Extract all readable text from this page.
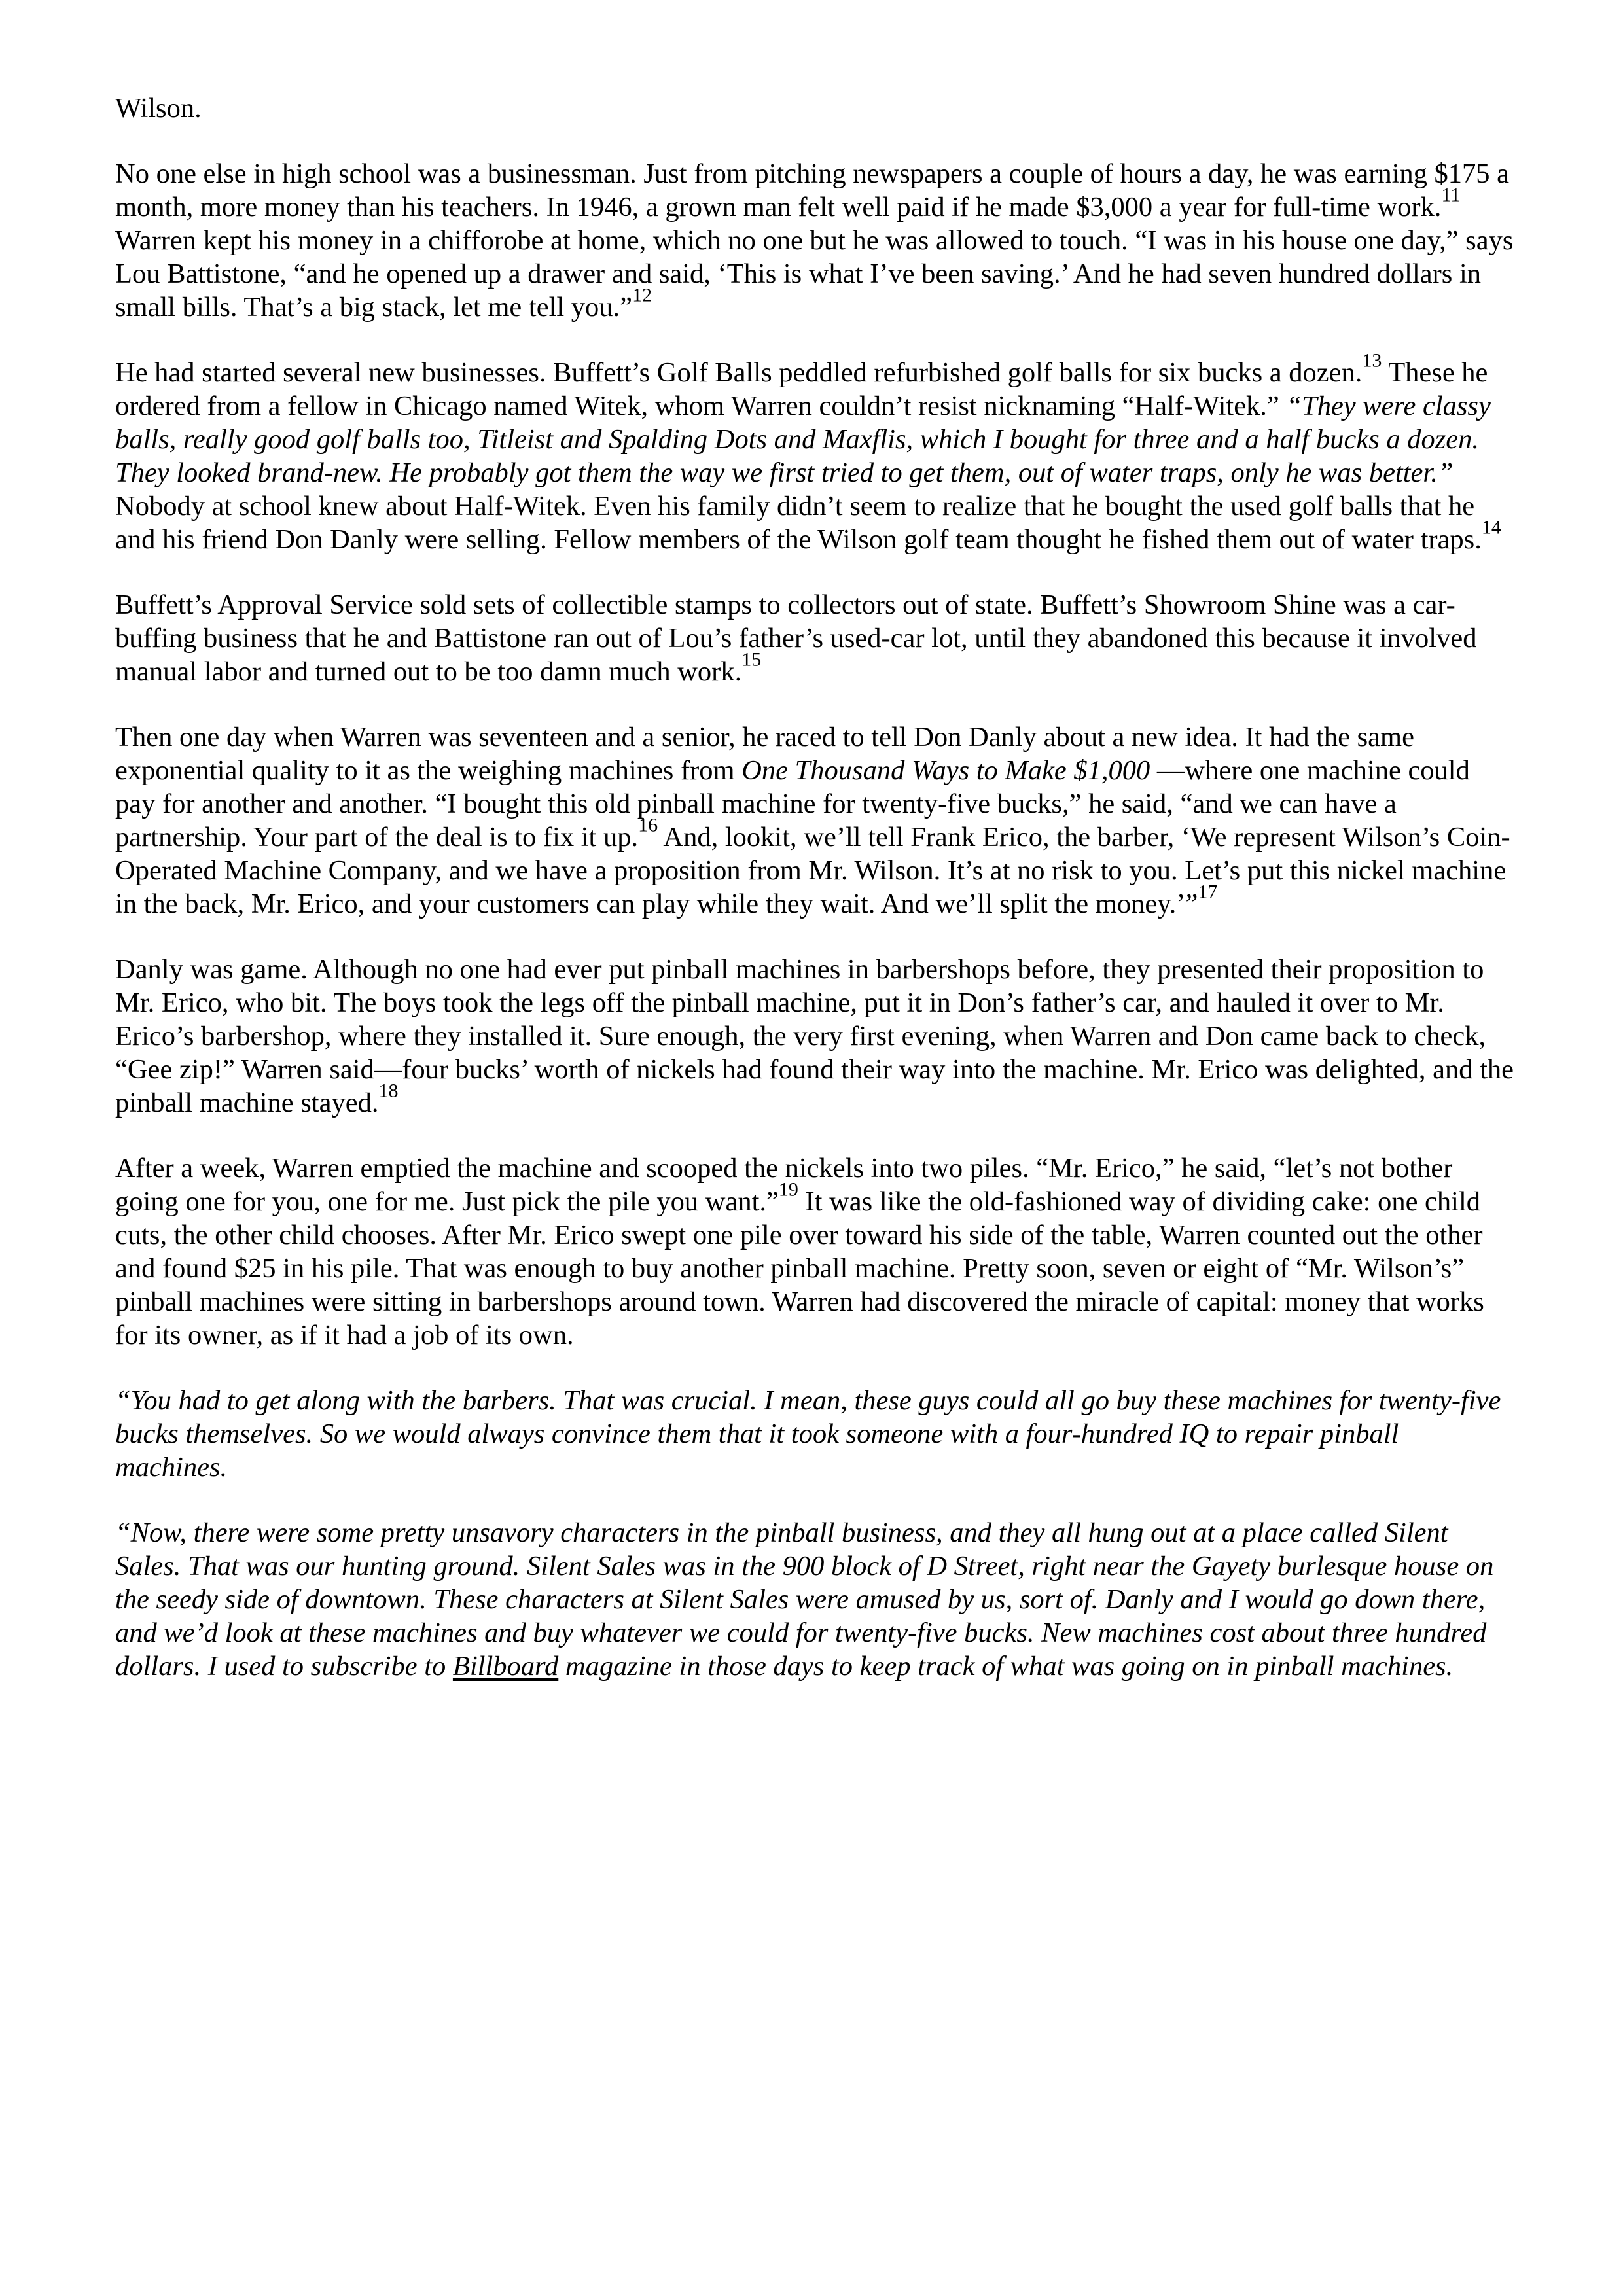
Wilson.

No one else in high school was a businessman. Just from pitching newspapers a couple of hours a day, he was earning $175 a month, more money than his teachers. In 1946, a grown man felt well paid if he made $3,000 a year for full-time work.$^{11}$ Warren kept his money in a chifforobe at home, which no one but he was allowed to touch. “I was in his house one day,” says Lou Battistone, “and he opened up a drawer and said, ‘This is what I’ve been saving.’ And he had seven hundred dollars in small bills. That’s a big stack, let me tell you.”$^{12}$

He had started several new businesses. Buffett’s Golf Balls peddled refurbished golf balls for six bucks a dozen.$^{13}$ These he ordered from a fellow in Chicago named Witek, whom Warren couldn’t resist nicknaming “Half-Witek.” “They were classy balls, really good golf balls too, Titleist and Spalding Dots and Maxflis, which I bought for three and a half bucks a dozen. They looked brand-new. He probably got them the way we first tried to get them, out of water traps, only he was better.” Nobody at school knew about Half-Witek. Even his family didn’t seem to realize that he bought the used golf balls that he and his friend Don Danly were selling. Fellow members of the Wilson golf team thought he fished them out of water traps.$^{14}$

Buffett’s Approval Service sold sets of collectible stamps to collectors out of state. Buffett’s Showroom Shine was a car-buffing business that he and Battistone ran out of Lou’s father’s used-car lot, until they abandoned this because it involved manual labor and turned out to be too damn much work.$^{15}$

Then one day when Warren was seventeen and a senior, he raced to tell Don Danly about a new idea. It had the same exponential quality to it as the weighing machines from One Thousand Ways to Make $1,000 —where one machine could pay for another and another. “I bought this old pinball machine for twenty-five bucks,” he said, “and we can have a partnership. Your part of the deal is to fix it up.$^{16}$ And, lookit, we’ll tell Frank Erico, the barber, ‘We represent Wilson’s Coin-Operated Machine Company, and we have a proposition from Mr. Wilson. It’s at no risk to you. Let’s put this nickel machine in the back, Mr. Erico, and your customers can play while they wait. And we’ll split the money.’”$^{17}$

Danly was game. Although no one had ever put pinball machines in barbershops before, they presented their proposition to Mr. Erico, who bit. The boys took the legs off the pinball machine, put it in Don’s father’s car, and hauled it over to Mr. Erico’s barbershop, where they installed it. Sure enough, the very first evening, when Warren and Don came back to check, “Gee zip!” Warren said—four bucks’ worth of nickels had found their way into the machine. Mr. Erico was delighted, and the pinball machine stayed.$^{18}$

After a week, Warren emptied the machine and scooped the nickels into two piles. “Mr. Erico,” he said, “let’s not bother going one for you, one for me. Just pick the pile you want.”$^{19}$ It was like the old-fashioned way of dividing cake: one child cuts, the other child chooses. After Mr. Erico swept one pile over toward his side of the table, Warren counted out the other and found $25 in his pile. That was enough to buy another pinball machine. Pretty soon, seven or eight of “Mr. Wilson’s” pinball machines were sitting in barbershops around town. Warren had discovered the miracle of capital: money that works for its owner, as if it had a job of its own.

“You had to get along with the barbers. That was crucial. I mean, these guys could all go buy these machines for twenty-five bucks themselves. So we would always convince them that it took someone with a four-hundred IQ to repair pinball machines.

“Now, there were some pretty unsavory characters in the pinball business, and they all hung out at a place called Silent Sales. That was our hunting ground. Silent Sales was in the 900 block of D Street, right near the Gayety burlesque house on the seedy side of downtown. These characters at Silent Sales were amused by us, sort of. Danly and I would go down there, and we’d look at these machines and buy whatever we could for twenty-five bucks. New machines cost about three hundred dollars. I used to subscribe to Billboard magazine in those days to keep track of what was going on in pinball machines.
